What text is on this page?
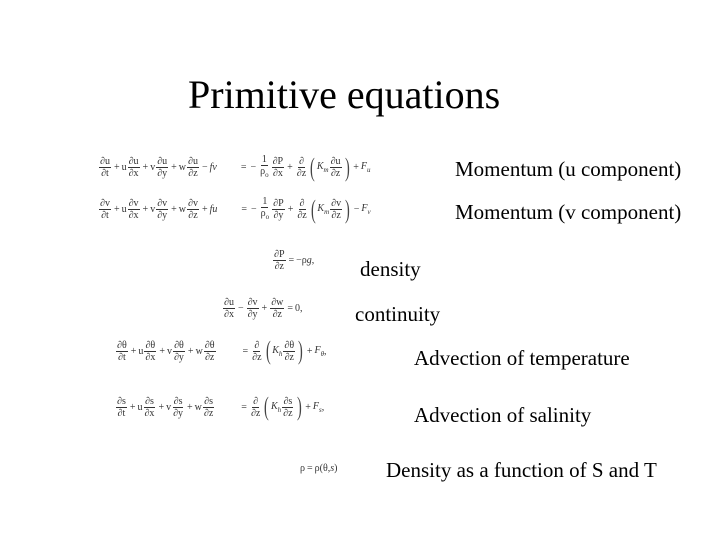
Primitive equations
$\frac{\partial u}{\partial t} + u \frac{\partial u}{\partial x} + v \frac{\partial u}{\partial y} + w \frac{\partial u}{\partial z}$ − fv = − $\frac{1}{\rho_o} \frac{\partial P}{\partial x} + \frac{\partial}{\partial z}$ ( $K_m \frac{\partial u}{\partial z}$ ) + $F_u$	Momentum (u component)
$\frac{\partial v}{\partial t} + u \frac{\partial v}{\partial x} + v \frac{\partial v}{\partial y} + w \frac{\partial v}{\partial z}$ + fu = − $\frac{1}{\rho_o} \frac{\partial P}{\partial y} + \frac{\partial}{\partial z}$ ( $K_m \frac{\partial v}{\partial z}$ ) − $F_v$	Momentum (v component)
$\frac{\partial P}{\partial z} = -\rho$ g , density
$\frac{\partial u}{\partial x} - \frac{\partial v}{\partial y} + \frac{\partial w}{\partial z} = 0$,	continuity
$\frac{\partial\theta}{\partial t} + u \frac{\partial\theta}{\partial x} + v \frac{\partial\theta}{\partial y} + w \frac{\partial\theta}{\partial z}$	= $\frac{\partial}{\partial z}$ ( $K_h \frac{\partial\theta}{\partial z}$ ) + $F_\theta$ ,	Advection of temperature
$\frac{\partial s}{\partial t} + u \frac{\partial s}{\partial x} + v \frac{\partial s}{\partial y} + w \frac{\partial s}{\partial z}$	= $\frac{\partial}{\partial z}$ ( $K_h \frac{\partial s}{\partial z}$ ) + $F_s$ ,	Advection of salinity
ρ = ρ(θ, s ) Density as a function of S and T
